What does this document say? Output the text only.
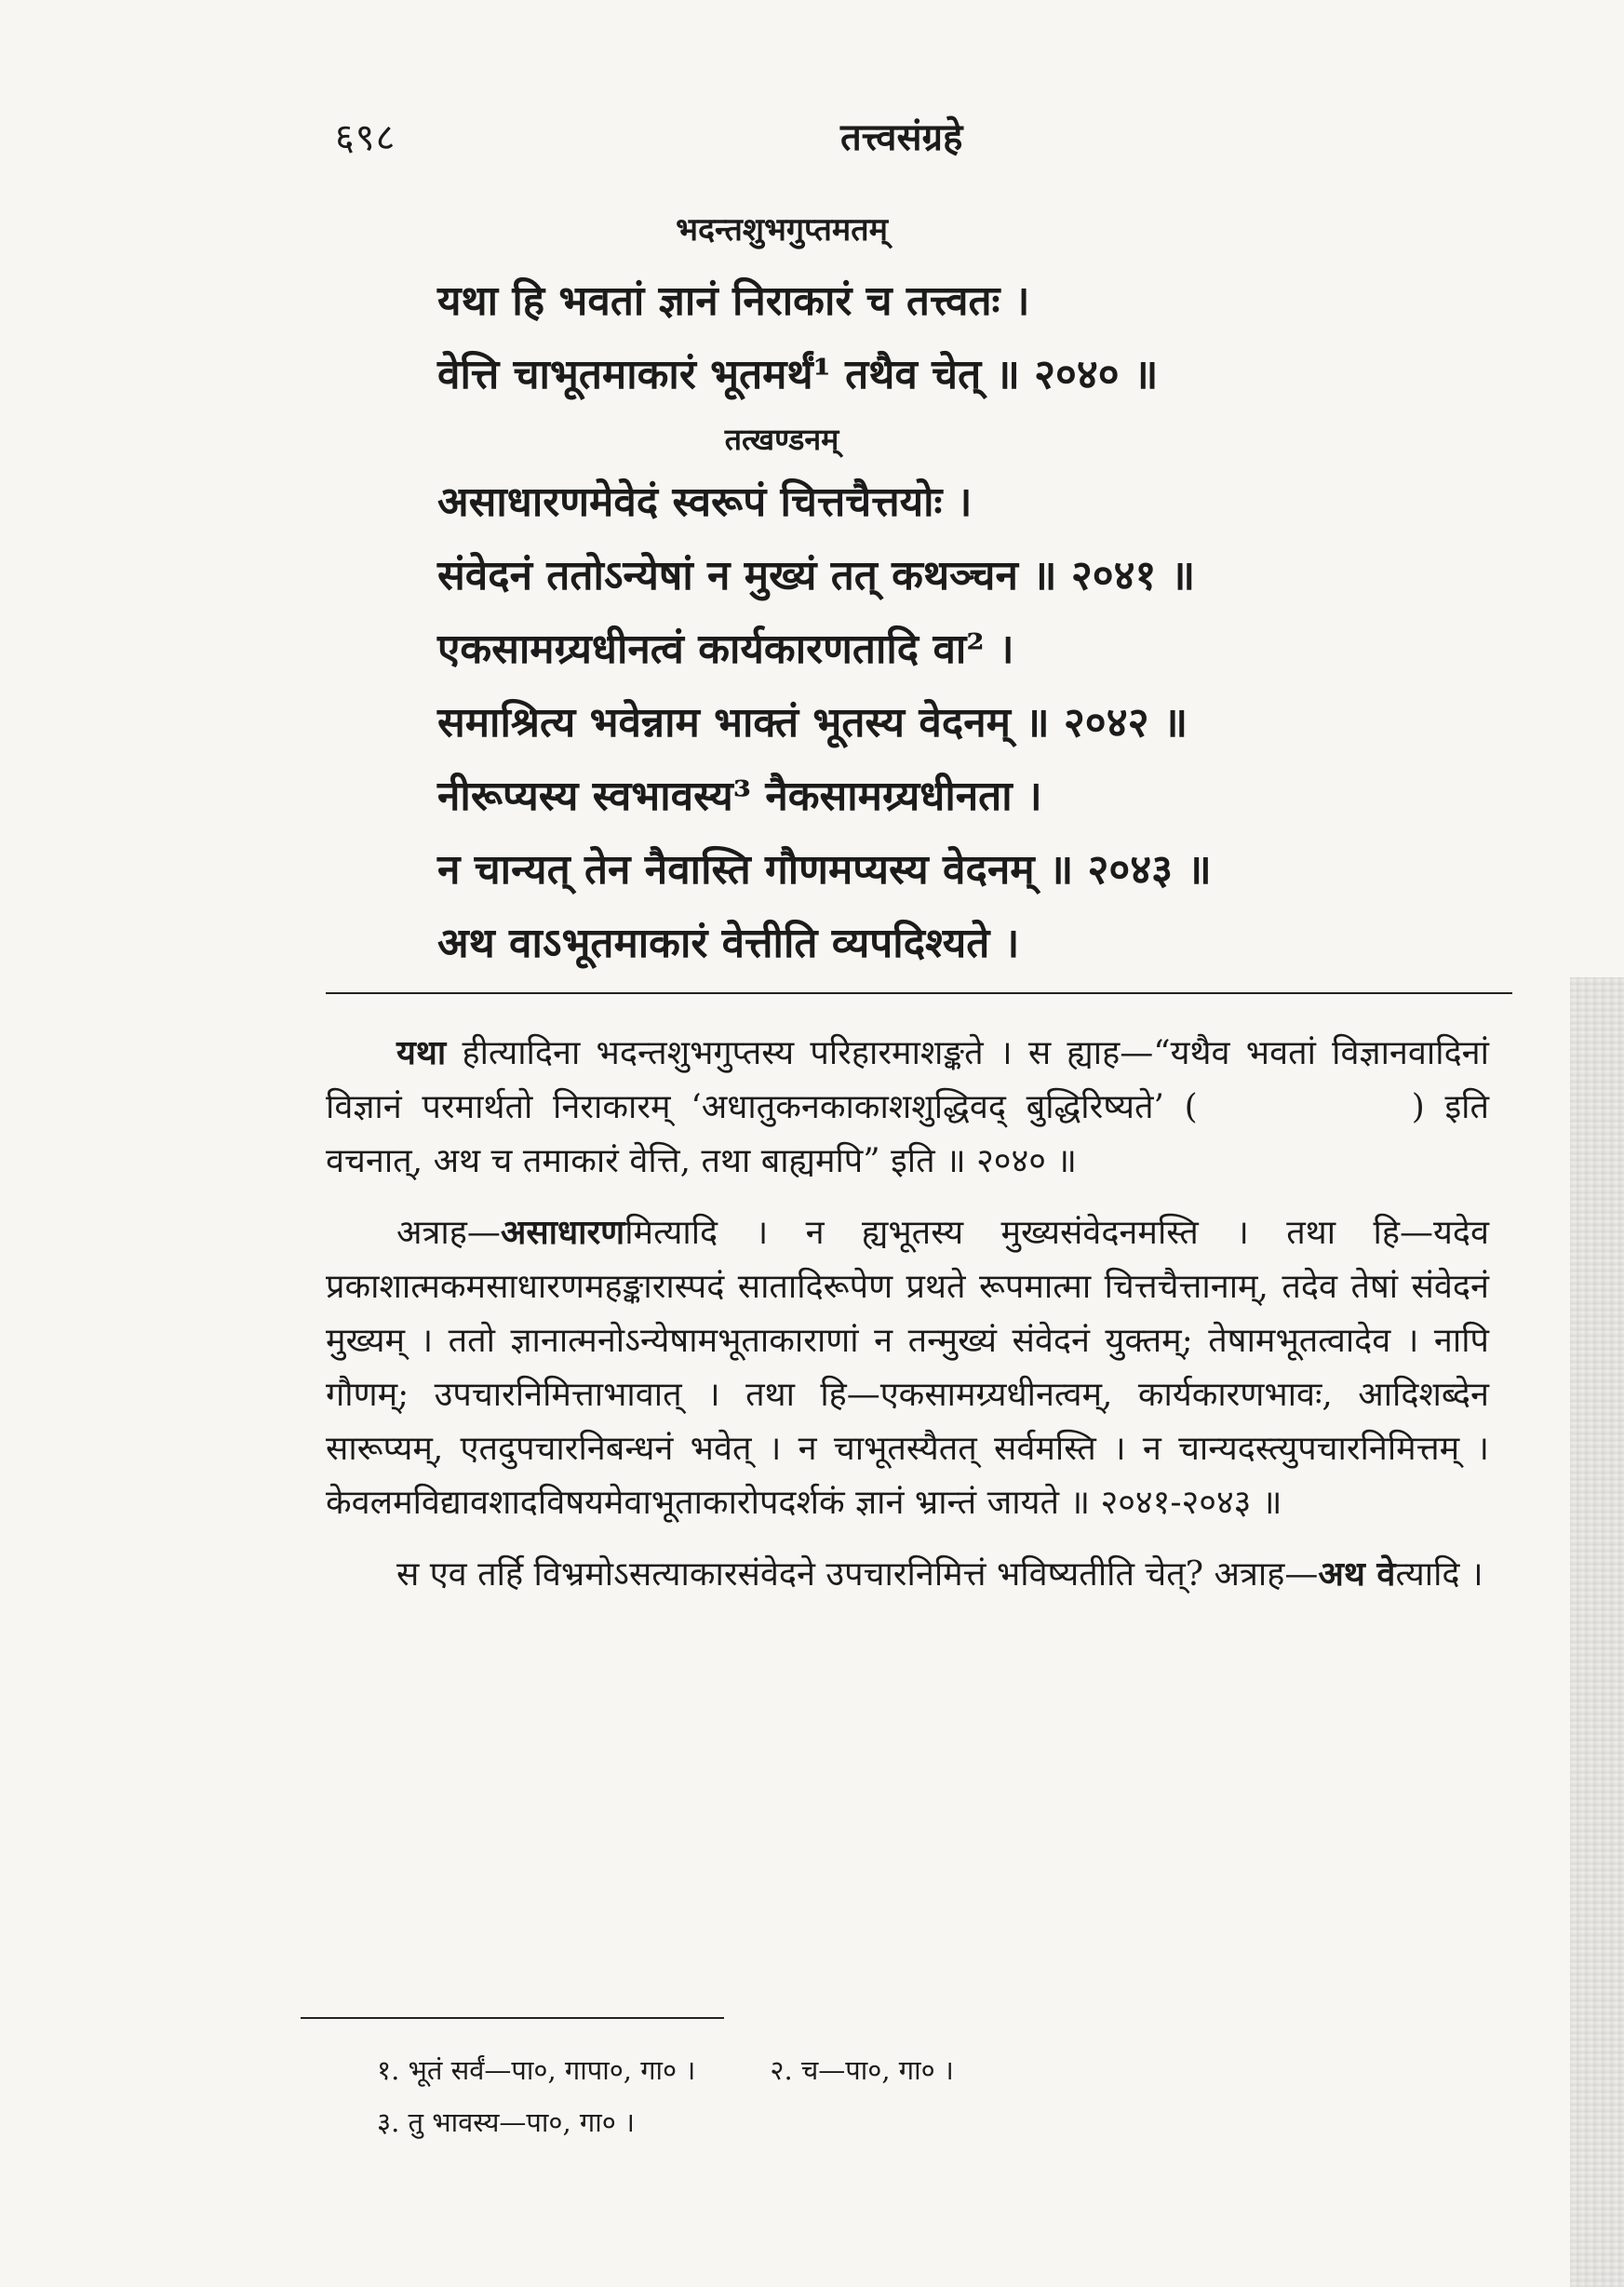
६९८	तत्त्वसंग्रहे
भदन्तशुभगुप्तमतम्

यथा हि भवतां ज्ञानं निराकारं च तत्त्वतः ।

वेत्ति चाभूतमाकारं भूतमर्थं¹ तथैव चेत् ॥ २०४० ॥

तत्खण्डनम्

असाधारणमेवेदं स्वरूपं चित्तचैत्तयोः ।

संवेदनं ततोऽन्येषां न मुख्यं तत् कथञ्चन ॥ २०४१ ॥

एकसामग्र्यधीनत्वं कार्यकारणतादि वा² ।

समाश्रित्य भवेन्नाम भाक्तं भूतस्य वेदनम् ॥ २०४२ ॥

नीरूप्यस्य स्वभावस्य³ नैकसामग्र्यधीनता ।

न चान्यत् तेन नैवास्ति गौणमप्यस्य वेदनम् ॥ २०४३ ॥

अथ वाऽभूतमाकारं वेत्तीति व्यपदिश्यते ।

यथा हीत्यादिना भदन्तशुभगुप्तस्य परिहारमाशङ्कते । स ह्याह—“यथैव भवतां विज्ञानवादिनां विज्ञानं परमार्थतो निराकारम् ‘अधातुकनकाकाशशुद्धिवद् बुद्धिरिष्यते’ (	) इति वचनात्, अथ च तमाकारं वेत्ति, तथा बाह्यमपि” इति ॥ २०४० ॥

अत्राह—असाधारणमित्यादि । न ह्यभूतस्य मुख्यसंवेदनमस्ति । तथा हि—यदेव प्रकाशात्मकमसाधारणमहङ्कारास्पदं सातादिरूपेण प्रथते रूपमात्मा चित्तचैत्तानाम्, तदेव तेषां संवेदनं मुख्यम् । ततो ज्ञानात्मनोऽन्येषामभूताकाराणां न तन्मुख्यं संवेदनं युक्तम्; तेषामभूतत्वादेव । नापि गौणम्; उपचारनिमित्ताभावात् । तथा हि—एकसामग्र्यधीनत्वम्, कार्यकारणभावः, आदिशब्देन सारूप्यम्, एतदुपचारनिबन्धनं भवेत् । न चाभूतस्यैतत् सर्वमस्ति । न चान्यदस्त्युपचारनिमित्तम् । केवलमविद्यावशादविषयमेवाभूताकारोपदर्शकं ज्ञानं भ्रान्तं जायते ॥ २०४१-२०४३ ॥

स एव तर्हि विभ्रमोऽसत्याकारसंवेदने उपचारनिमित्तं भविष्यतीति चेत्? अत्राह—अथ वेत्यादि ।

१. भूतं सर्वं—पा०, गापा०, गा० ।	२. च—पा०, गा० ।
३. तु भावस्य—पा०, गा० ।
